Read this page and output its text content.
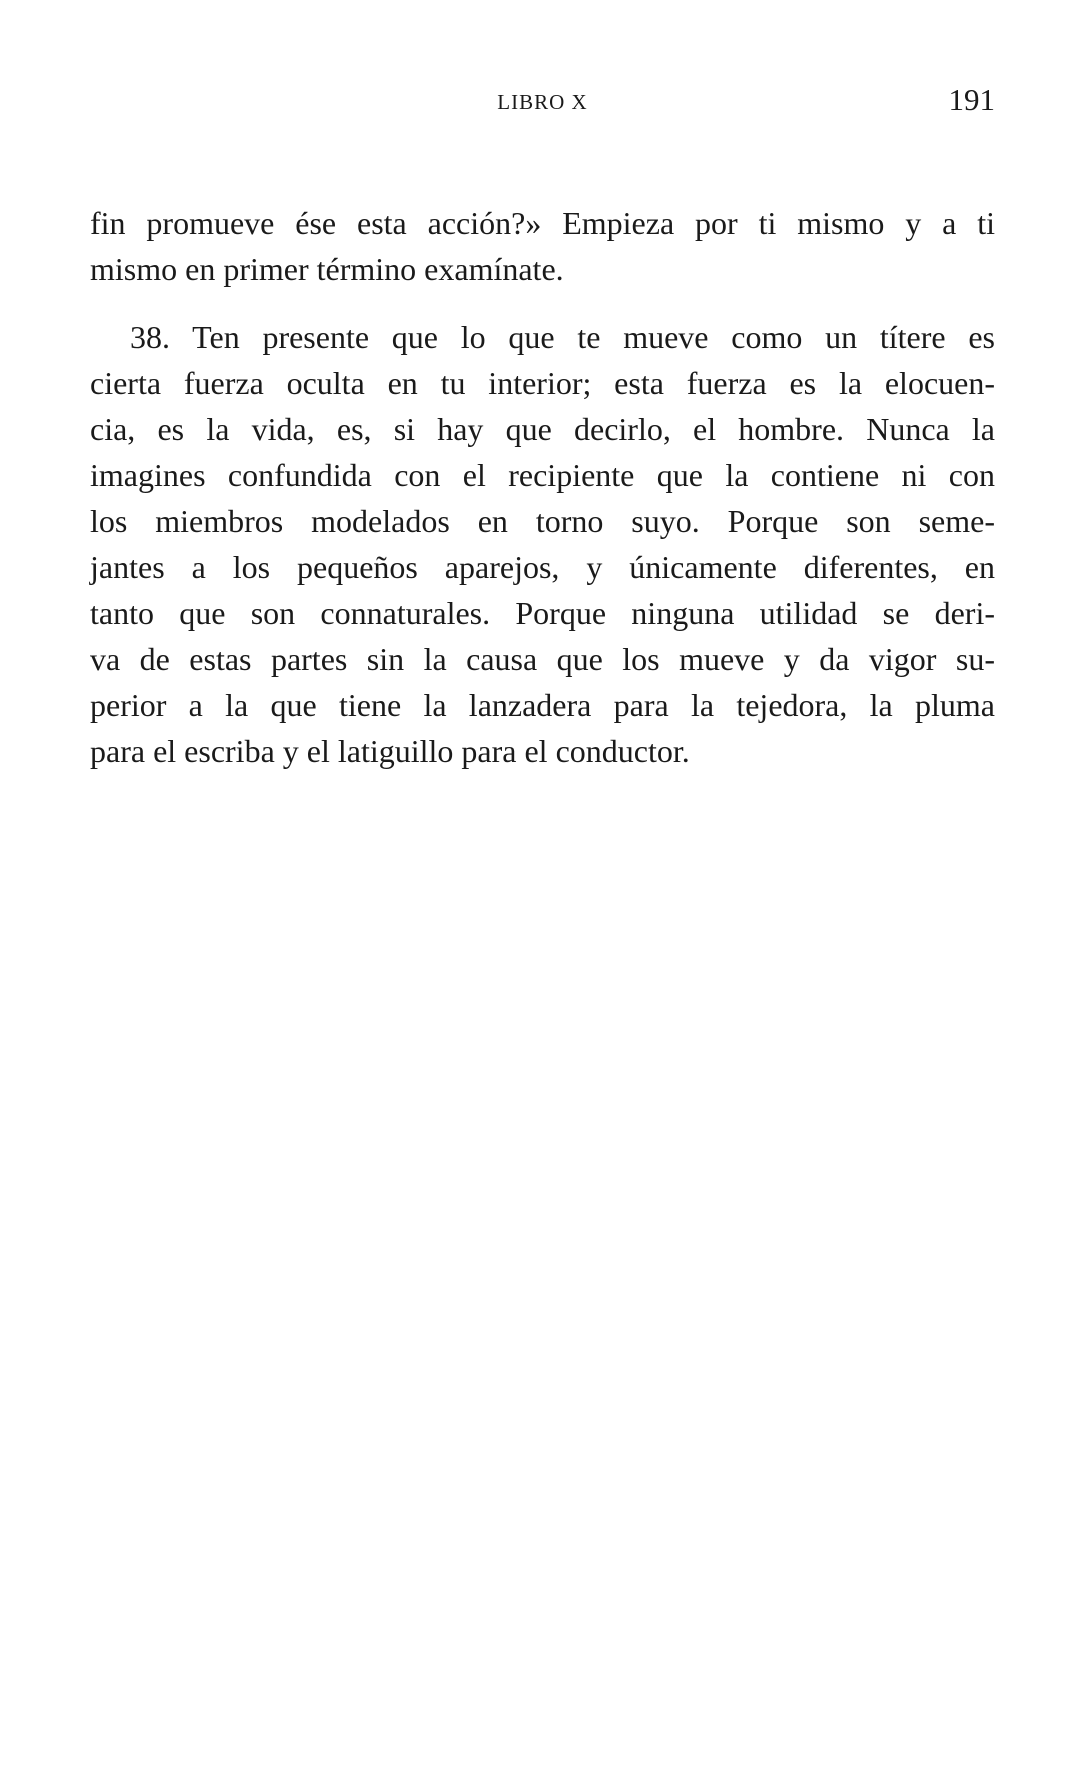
LIBRO X	191
fin promueve ése esta acción?» Empieza por ti mismo y a ti
mismo en primer término examínate.
38. Ten presente que lo que te mueve como un títere es
cierta fuerza oculta en tu interior; esta fuerza es la elocuen-
cia, es la vida, es, si hay que decirlo, el hombre. Nunca la
imagines confundida con el recipiente que la contiene ni con
los miembros modelados en torno suyo. Porque son seme-
jantes a los pequeños aparejos, y únicamente diferentes, en
tanto que son connaturales. Porque ninguna utilidad se deri-
va de estas partes sin la causa que los mueve y da vigor su-
perior a la que tiene la lanzadera para la tejedora, la pluma
para el escriba y el latiguillo para el conductor.
